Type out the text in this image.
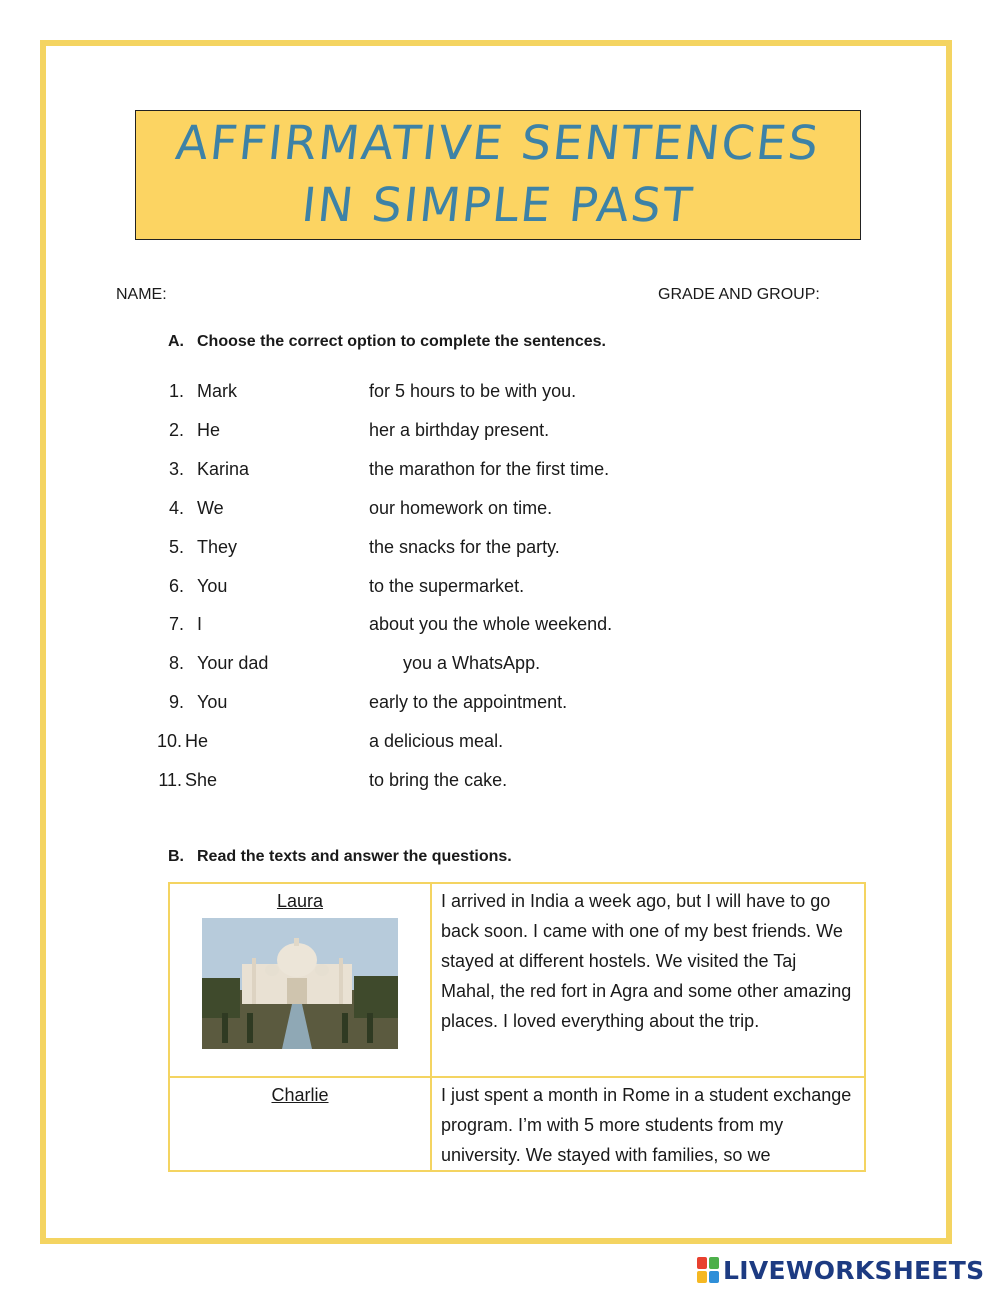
AFFIRMATIVE SENTENCES
IN SIMPLE PAST
NAME:	GRADE AND GROUP:
A. Choose the correct option to complete the sentences.
1. Mark	for 5 hours to be with you.
2. He	her a birthday present.
3. Karina	the marathon for the first time.
4. We	our homework on time.
5. They	the snacks for the party.
6. You	to the supermarket.
7. I	about you the whole weekend.
8. Your dad	you a WhatsApp.
9. You	early to the appointment.
10. He	a delicious meal.
11. She	to bring the cake.
B. Read the texts and answer the questions.
Laura	I arrived in India a week ago, but I will have to go back soon. I came with one of my best friends. We stayed at different hostels. We visited the Taj Mahal, the red fort in Agra and some other amazing places. I loved everything about the trip.

Charlie	I just spent a month in Rome in a student exchange program. I’m with 5 more students from my university. We stayed with families, so we
LIVEWORKSHEETS
